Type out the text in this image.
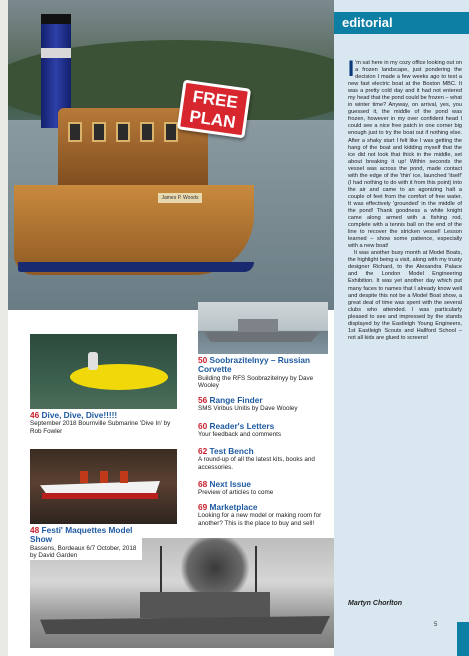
James P. Woods
FREE
PLAN
editorial

I 'm sat here in my cozy office looking out on a frozen landscape, just pondering the decision I made a few weeks ago to test a new fast electric boat at the Boston MBC. It was a pretty cold day and it had not entered my head that the pond could be frozen – what in winter time? Anyway, on arrival, yes, you guessed it, the middle of the pond was frozen, however in my over confident head I could see a nice free patch in one corner big enough just to try the boat out if nothing else. After a shaky start I felt like I was getting the hang of the boat and kidding myself that the ice did not look that thick in the middle, set about breaking it up! Within seconds the vessel was across the pond, made contact with the edge of the 'thin' ice, launched 'itself' (I had nothing to do with it from this point) into the air and came to an agonizing halt a couple of feet from the comfort of free water. It was effectively 'grounded' in the middle of the pond! Thank goodness a white knight came along armed with a fishing rod, complete with a tennis ball on the end of the line to recover the stricken vessel! Lesson learned – show some patience, especially with a new boat!

It was another busy month at Model Boats, the highlight being a visit, along with my trusty designer Richard, to the Alexandra Palace and the London Model Engineering Exhibition. It was yet another day which put many faces to names that I already know well and despite this not be a Model Boat show, a great deal of time was spent with the several clubs who attended. I was particularly pleased to see and impressed by the stands displayed by the Eastleigh Young Engineers, 1st Eastleigh Scouts and Hallford School – not all kids are glued to screens!

Martyn Chorlton
46 Dive, Dive, Dive!!!!!
September 2018 Bournville Submarine 'Dive In' by Rob Fowler
50 Soobrazitelnyy – Russian Corvette
Building the RFS Soobrazitelnyy by Dave Wooley
56 Range Finder
SMS Viribus Unitis by Dave Wooley
60 Reader's Letters
Your feedback and comments
62 Test Bench
A round-up of all the latest kits, books and accessories.
68 Next Issue
Preview of articles to come
69 Marketplace
Looking for a new model or making room for another? This is the place to buy and sell!
48 Festi' Maquettes Model Show
Bassens, Bordeaux 6/7 October, 2018 by David Garden
5
